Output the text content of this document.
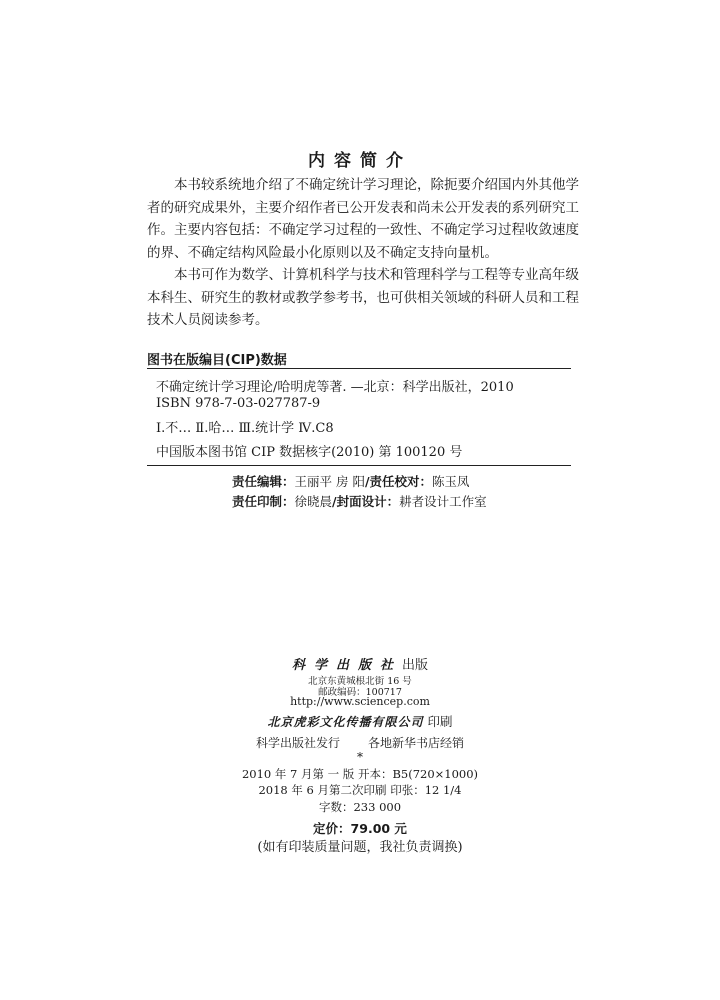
内容简介
本书较系统地介绍了不确定统计学习理论，除扼要介绍国内外其他学者的研究成果外，主要介绍作者已公开发表和尚未公开发表的系列研究工作。主要内容包括：不确定学习过程的一致性、不确定学习过程收敛速度的界、不确定结构风险最小化原则以及不确定支持向量机。
本书可作为数学、计算机科学与技术和管理科学与工程等专业高年级本科生、研究生的教材或教学参考书，也可供相关领域的科研人员和工程技术人员阅读参考。
图书在版编目(CIP)数据
不确定统计学习理论/哈明虎等著. —北京：科学出版社，2010
ISBN 978-7-03-027787-9
Ⅰ.不… Ⅱ.哈… Ⅲ.统计学 Ⅳ.C8
中国版本图书馆 CIP 数据核字(2010) 第 100120 号
责任编辑：王丽平 房 阳/责任校对：陈玉凤
责任印制：徐晓晨/封面设计：耕者设计工作室
科学出版社出版
北京东黄城根北街 16 号
邮政编码：100717
http://www.sciencep.com
北京虎彩文化传播有限公司 印刷
科学出版社发行 各地新华书店经销
*
2010 年 7 月第 一 版 开本：B5(720×1000)
2018 年 6 月第二次印刷 印张：12 1/4
字数：233 000
定价：79.00 元
(如有印装质量问题，我社负责调换)
